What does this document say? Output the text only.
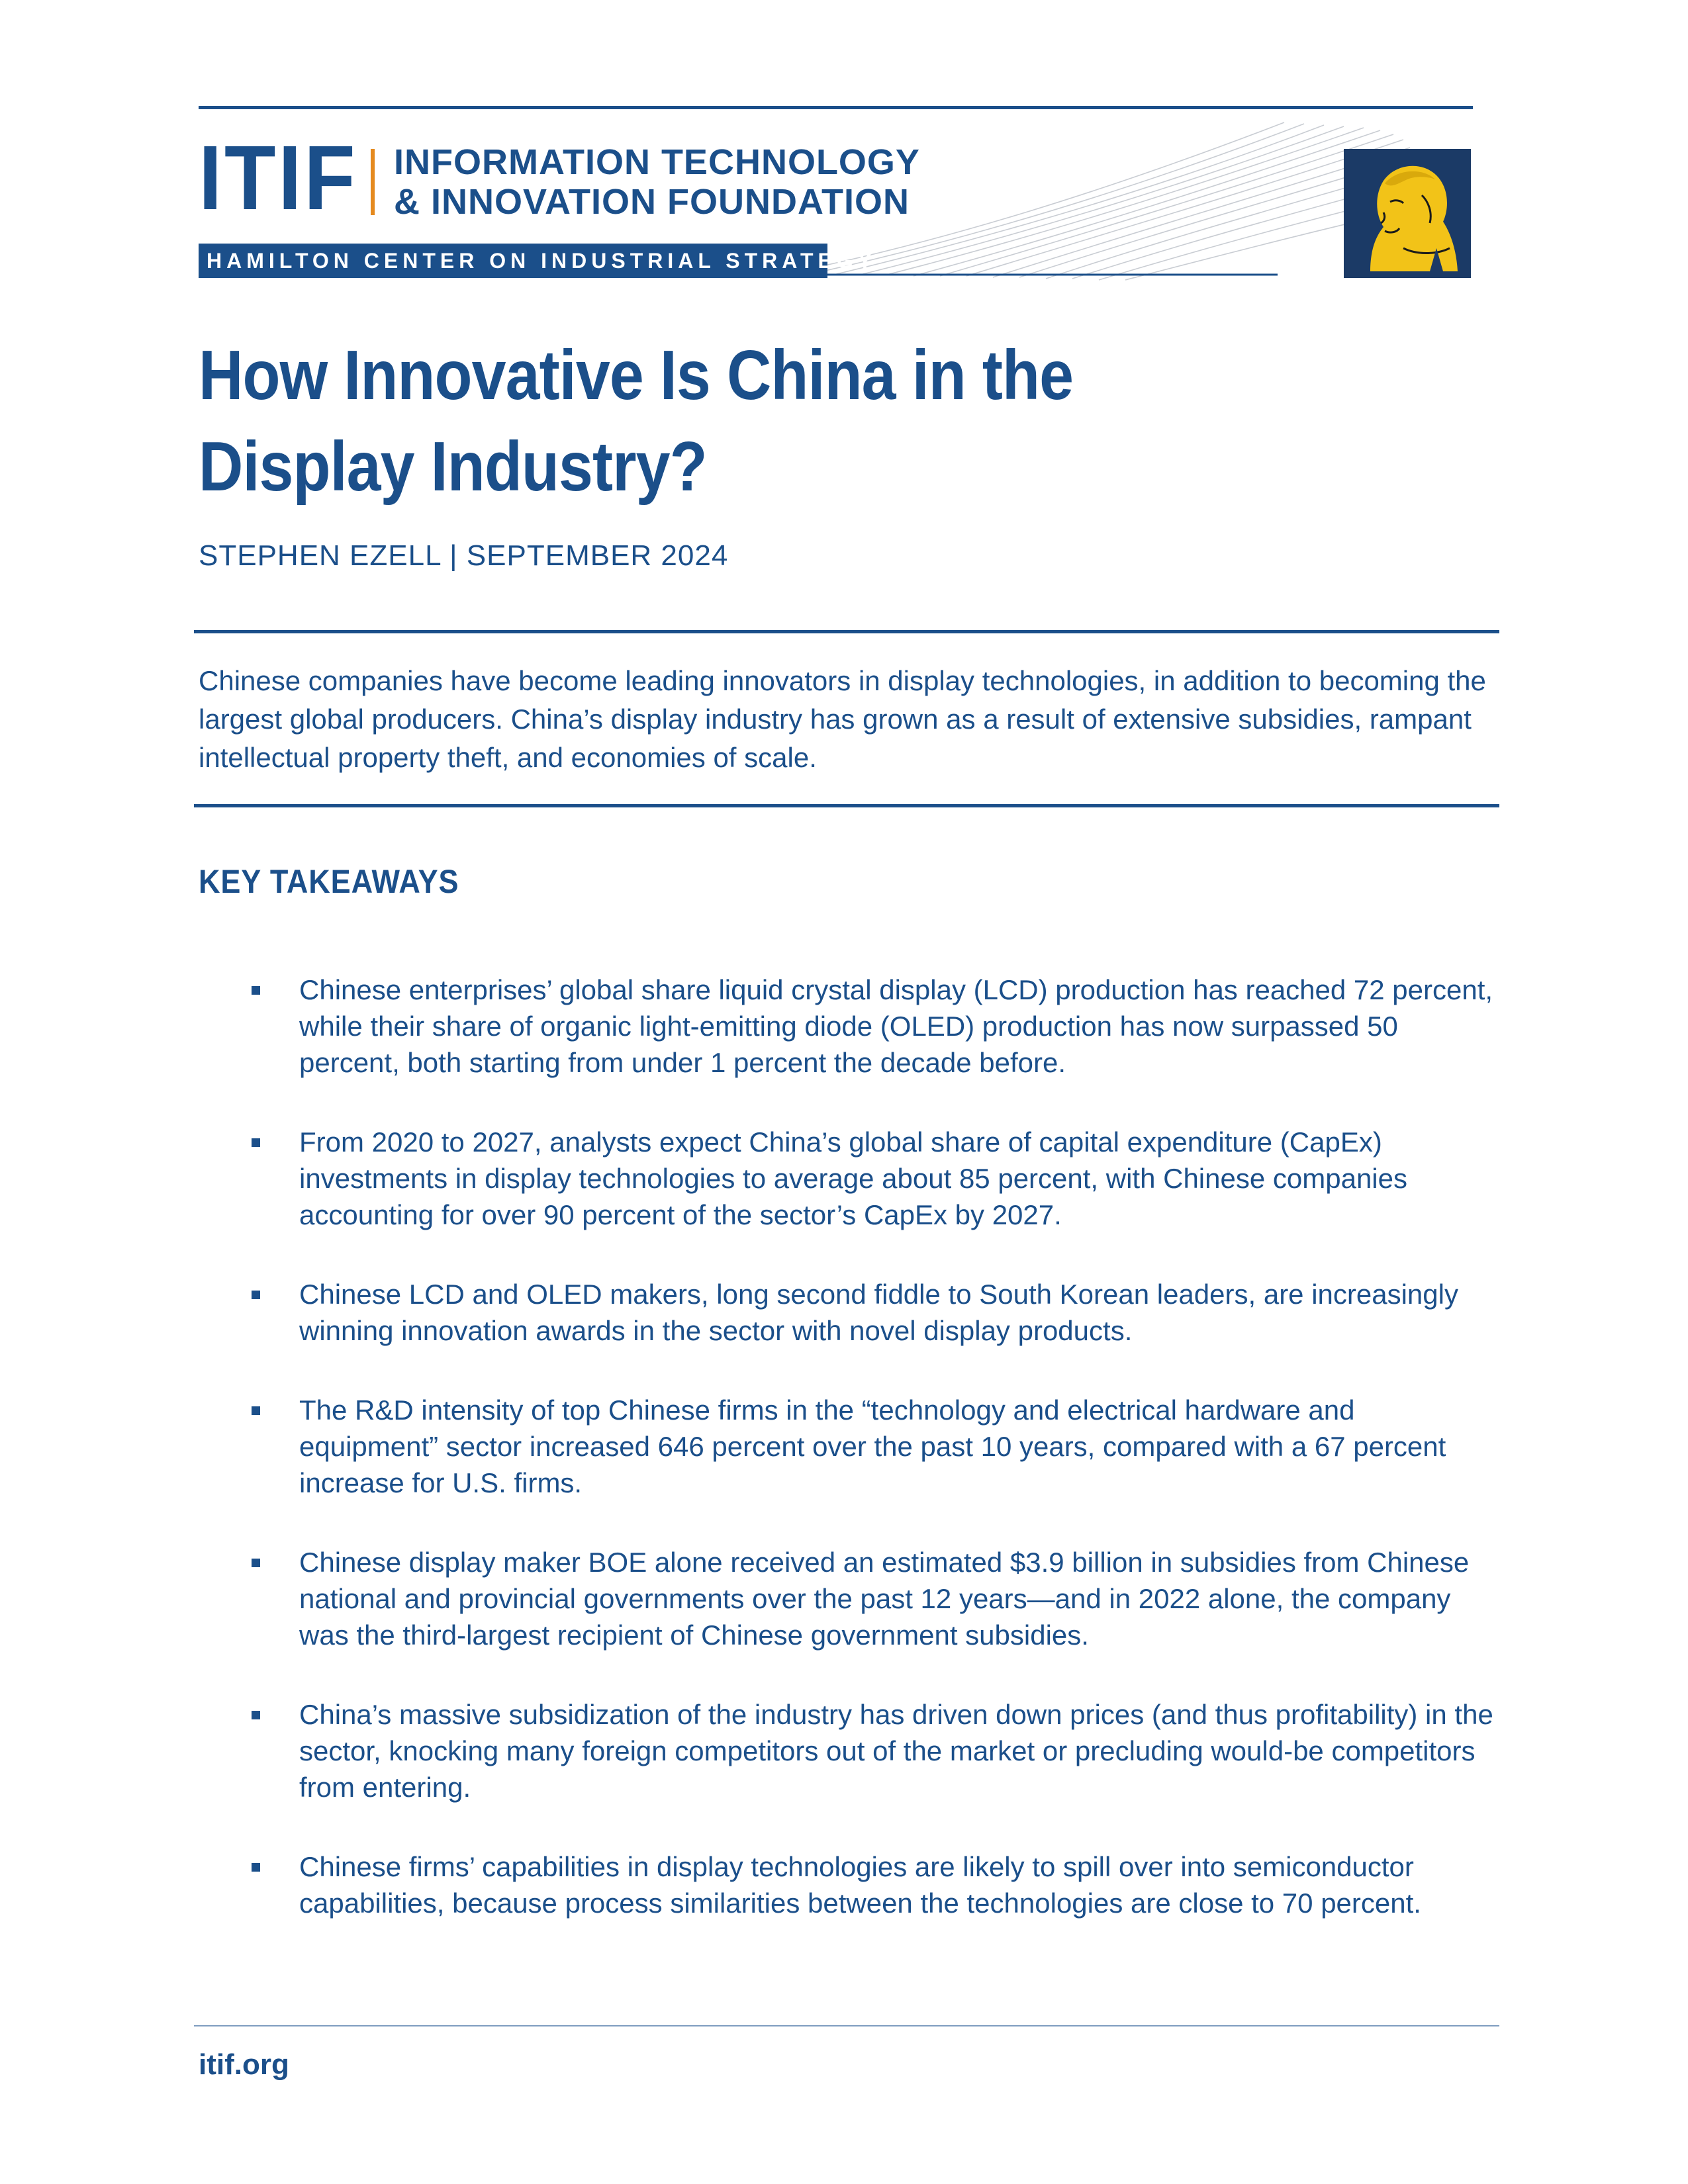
ITIF INFORMATION TECHNOLOGY
& INNOVATION FOUNDATION
HAMILTON CENTER ON INDUSTRIAL STRATEGY
How Innovative Is China in the
Display Industry?
STEPHEN EZELL | SEPTEMBER 2024
Chinese companies have become leading innovators in display technologies, in addition to becoming the largest global producers. China’s display industry has grown as a result of extensive subsidies, rampant intellectual property theft, and economies of scale.
KEY TAKEAWAYS
Chinese enterprises’ global share liquid crystal display (LCD) production has reached 72 percent, while their share of organic light-emitting diode (OLED) production has now surpassed 50 percent, both starting from under 1 percent the decade before.
From 2020 to 2027, analysts expect China’s global share of capital expenditure (CapEx) investments in display technologies to average about 85 percent, with Chinese companies accounting for over 90 percent of the sector’s CapEx by 2027.
Chinese LCD and OLED makers, long second fiddle to South Korean leaders, are increasingly winning innovation awards in the sector with novel display products.
The R&D intensity of top Chinese firms in the “technology and electrical hardware and equipment” sector increased 646 percent over the past 10 years, compared with a 67 percent increase for U.S. firms.
Chinese display maker BOE alone received an estimated $3.9 billion in subsidies from Chinese national and provincial governments over the past 12 years—and in 2022 alone, the company was the third-largest recipient of Chinese government subsidies.
China’s massive subsidization of the industry has driven down prices (and thus profitability) in the sector, knocking many foreign competitors out of the market or precluding would-be competitors from entering.
Chinese firms’ capabilities in display technologies are likely to spill over into semiconductor capabilities, because process similarities between the technologies are close to 70 percent.
itif.org
